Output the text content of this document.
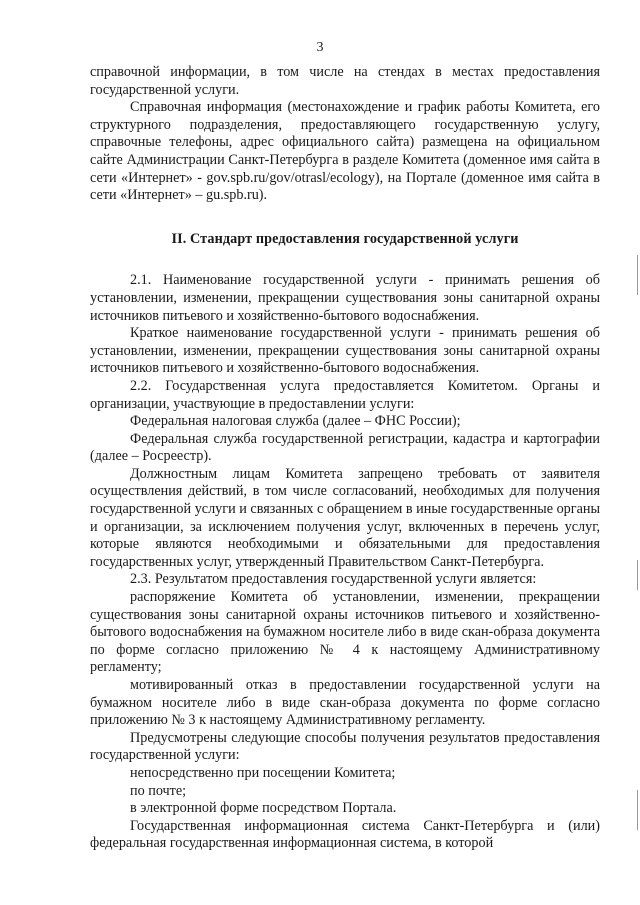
3

справочной информации, в том числе на стендах в местах предоставления государственной услуги.

Справочная информация (местонахождение и график работы Комитета, его структурного подразделения, предоставляющего государственную услугу, справочные телефоны, адрес официального сайта) размещена на официальном сайте Администрации Санкт-Петербурга в разделе Комитета (доменное имя сайта в сети «Интернет» - gov.spb.ru/gov/otrasl/ecology), на Портале (доменное имя сайта в сети «Интернет» – gu.spb.ru).

II. Стандарт предоставления государственной услуги

2.1. Наименование государственной услуги - принимать решения об установлении, изменении, прекращении существования зоны санитарной охраны источников питьевого и хозяйственно-бытового водоснабжения.

Краткое наименование государственной услуги - принимать решения об установлении, изменении, прекращении существования зоны санитарной охраны источников питьевого и хозяйственно-бытового водоснабжения.

2.2. Государственная услуга предоставляется Комитетом. Органы и организации, участвующие в предоставлении услуги:

Федеральная налоговая служба (далее – ФНС России);

Федеральная служба государственной регистрации, кадастра и картографии (далее – Росреестр).

Должностным лицам Комитета запрещено требовать от заявителя осуществления действий, в том числе согласований, необходимых для получения государственной услуги и связанных с обращением в иные государственные органы и организации, за исключением получения услуг, включенных в перечень услуг, которые являются необходимыми и обязательными для предоставления государственных услуг, утвержденный Правительством Санкт-Петербурга.

2.3. Результатом предоставления государственной услуги является:

распоряжение Комитета об установлении, изменении, прекращении существования зоны санитарной охраны источников питьевого и хозяйственно-бытового водоснабжения на бумажном носителе либо в виде скан-образа документа по форме согласно приложению № 4 к настоящему Административному регламенту;

мотивированный отказ в предоставлении государственной услуги на бумажном носителе либо в виде скан-образа документа по форме согласно приложению № 3 к настоящему Административному регламенту.

Предусмотрены следующие способы получения результатов предоставления государственной услуги:

непосредственно при посещении Комитета;

по почте;

в электронной форме посредством Портала.

Государственная информационная система Санкт-Петербурга и (или) федеральная государственная информационная система, в которой
